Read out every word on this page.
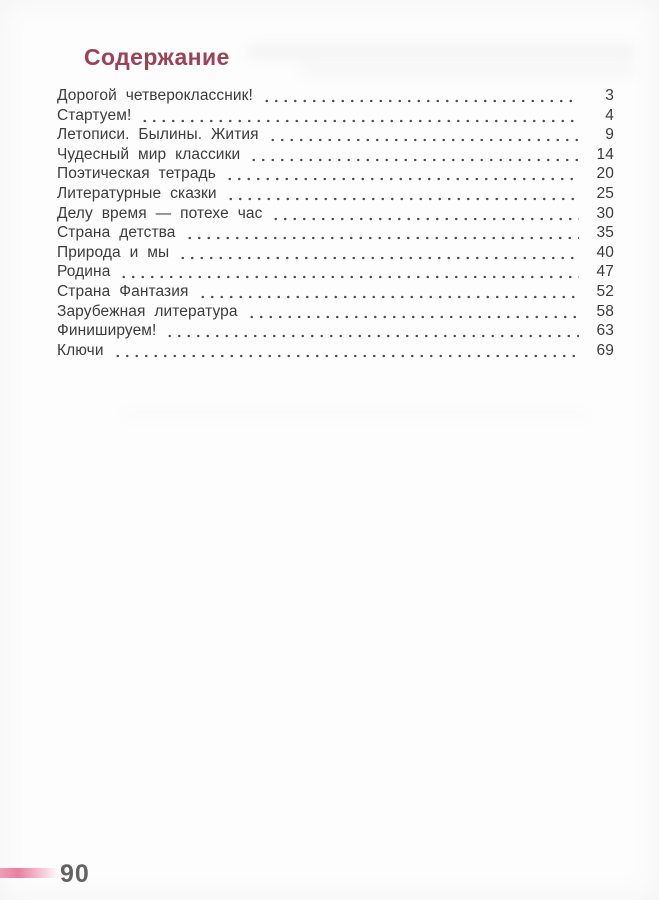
Содержание
Дорогой четвероклассник!	3
Стартуем!	4
Летописи. Былины. Жития	9
Чудесный мир классики	14
Поэтическая тетрадь	20
Литературные сказки	25
Делу время — потехе час	30
Страна детства	35
Природа и мы	40
Родина	47
Страна Фантазия	52
Зарубежная литература	58
Финишируем!	63
Ключи	69
90
